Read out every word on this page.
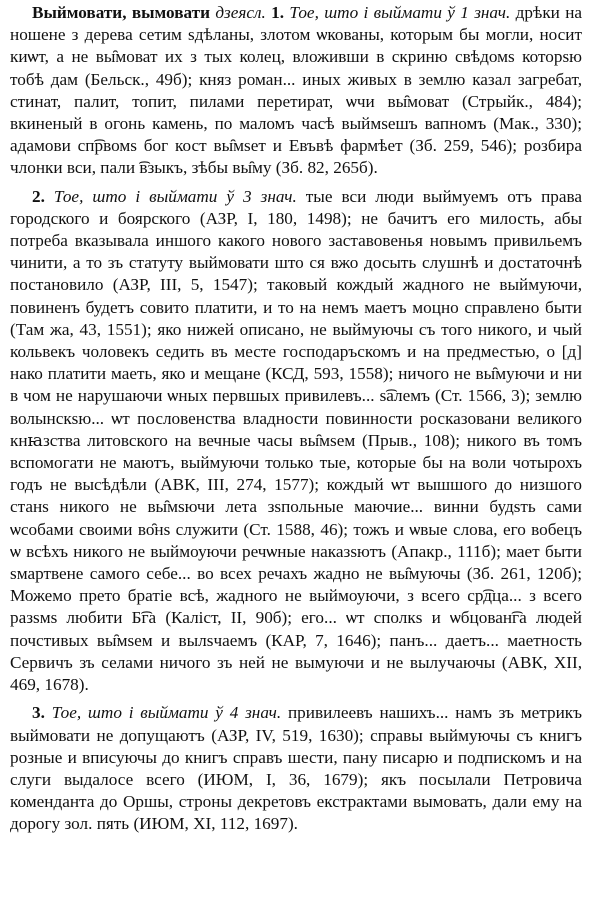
Выймовати, вымовати дзеясл. 1. Тое, што і выймати ў 1 знач. дрѣки на ношене з дерева сетим ѕдѣланы, злотом ѡкованы, которым бы могли, носит киѡт, а не вы̑моват их з тых колец, вложивши в скриню свѣдомѕ которѕю тобѣ дам (Бельск., 49б); княз роман... иных живых в землю казал загребат, стинат, палит, топит, пилами перетират, ѡчи вы̑моват (Стрыйк., 484); вкиненый в огонь камень, по маломъ часѣ выймѕешъ вапномъ (Мак., 330); адамови сп͡рвомѕ бог кост вы̑мѕет и Евъвѣ фармѣет (Зб. 259, 546); розбира члонки вси, пали ͡взыкъ, зѣбы вы̑му (Зб. 82, 265б).

2. Тое, што і выймати ў 3 знач. тые вси люди выймуемъ отъ права городского и боярского (АЗР, I, 180, 1498); не бачитъ его милость, абы потреба вказывала иншого какого нового заставовенья новымъ привильемъ чинити, а то зъ статуту выймовати што ся вжо досыть слушнѣ и достаточнѣ постановило (АЗР, III, 5, 1547); таковый кождый жадного не выймуючи, повиненъ будетъ совито платити, и то на немъ маетъ моцно справлено быти (Там жа, 43, 1551); яко нижей описано, не выймуючы съ того никого, и чый кольвекъ чоловекъ седить въ месте господаръскомъ и на предместью, о [д] нако платити маеть, яко и мещане (КСД, 593, 1558); ничого не вы̑муючи и ни в чом не нарушаючи ѡных первшых привилевъ... ѕ͡алемъ (Ст. 1566, 3); землю волынскѕю... ѡт пословенства владности повинности росказовани великого кнꙗзства литовского на вечные часы вы̑мѕем (Прыв., 108); никого въ томъ вспомогати не маютъ, выймуючи только тые, которые бы на воли чотырохъ годъ не высѣдѣли (АВК, III, 274, 1577); кождый ѡт вышшого до низшого станѕ никого не вы̑мѕючи лета зѕпольные маючие... винни будѕть сами ѡсобами своими во̑нѕ служити (Ст. 1588, 46); тожъ и ѡвые слова, его вобецъ ѡ всѣхъ никого не выймоуючи речѡные наказѕютъ (Апакр., 111б); мает быти ѕмартвене самого себе... во всех речахъ жадно не вы̑муючы (Зб. 261, 120б); Можемо прето братіе всѣ, жадного не выймоуючи, з всего ср͡дца... з всего разѕмѕ любити Б͡га (Каліст, II, 90б); его... ѡт сполкѕ и ѡбцован͡га людей почстивых вы̑мѕем и вылѕчаемъ (КАР, 7, 1646); панъ... даетъ... маетность Сервичъ зъ селами ничого зъ ней не вымуючи и не вылучаючы (АВК, XII, 469, 1678).

3. Тое, што і выймати ў 4 знач. привилеевъ нашихъ... намъ зъ метрикъ выймовати не допущаютъ (АЗР, IV, 519, 1630); справы выймуючы съ книгъ розные и вписуючы до книгъ справъ шести, пану писарю и подпискомъ и на слуги выдалосе всего (ИЮМ, I, 36, 1679); якъ посылали Петровича коменданта до Оршы, строны декретовъ екстрактами вымовать, дали ему на дорогу зол. пять (ИЮМ, XI, 112, 1697).
